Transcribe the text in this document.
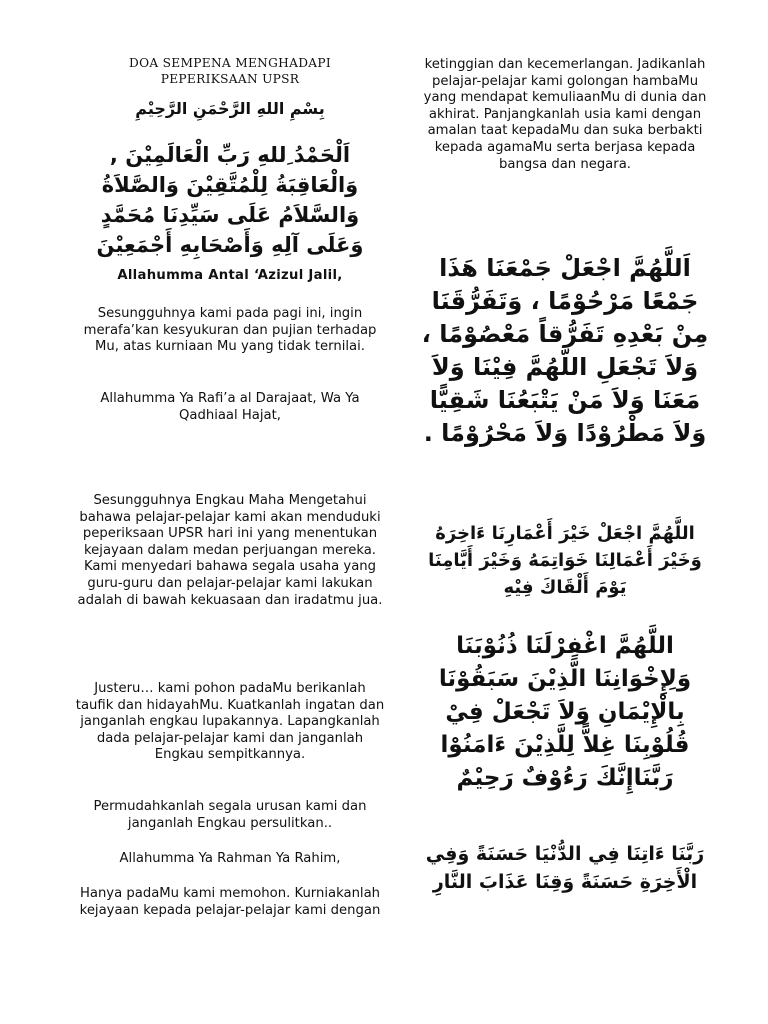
DOA SEMPENA MENGHADAPI
PEPERIKSAAN UPSR
بِسْمِ اللهِ الرَّحْمَنِ الرَّحِيْمِ
اَلْحَمْدُ ِللهِ رَبِّ الْعَالَمِيْنَ , وَالْعَاقِبَةُ لِلْمُتَّقِيْنَ وَالصَّلاَةُ وَالسَّلاَمُ عَلَى سَيِّدِنَا مُحَمَّدٍ وَعَلَى آلِهِ وَأَصْحَابِهِ أَجْمَعِيْنَ

Allahumma Antal ‘Azizul Jalil,

Sesungguhnya kami pada pagi ini, ingin merafa’kan kesyukuran dan pujian terhadap Mu, atas kurniaan Mu yang tidak ternilai.

Allahumma Ya Rafi’a al Darajaat, Wa Ya Qadhiaal Hajat,

Sesungguhnya Engkau Maha Mengetahui bahawa pelajar-pelajar kami akan menduduki peperiksaan UPSR hari ini yang menentukan kejayaan dalam medan perjuangan mereka. Kami menyedari bahawa segala usaha yang guru-guru dan pelajar-pelajar kami lakukan adalah di bawah kekuasaan dan iradatmu jua.

Justeru… kami pohon padaMu berikanlah taufik dan hidayahMu. Kuatkanlah ingatan dan janganlah engkau lupakannya. Lapangkanlah dada pelajar-pelajar kami dan janganlah Engkau sempitkannya.

Permudahkanlah segala urusan kami dan janganlah Engkau persulitkan..

Allahumma Ya Rahman Ya Rahim,

Hanya padaMu kami memohon. Kurniakanlah kejayaan kepada pelajar-pelajar kami dengan

ketinggian dan kecemerlangan. Jadikanlah pelajar-pelajar kami golongan hambaMu yang mendapat kemuliaanMu di dunia dan akhirat. Panjangkanlah usia kami dengan amalan taat kepadaMu dan suka berbakti kepada agamaMu serta berjasa kepada bangsa dan negara.

اَللَّهُمَّ اجْعَلْ جَمْعَنَا هَذَا جَمْعًا مَرْحُوْمًا ، وَتَفَرُّقَنَا مِنْ بَعْدِهِ تَفَرُّقاً مَعْصُوْمًا ، وَلاَ تَجْعَلِ اللَّهُمَّ فِيْنَا وَلاَ مَعَنَا وَلاَ مَنْ يَتْبَعُنَا شَقِيًّا وَلاَ مَطْرُوْدًا وَلاَ مَحْرُوْمًا .

اللَّهُمَّ اجْعَلْ خَيْرَ أَعْمَارِنَا ءَاخِرَهُ وَخَيْرَ أَعْمَالِنَا خَوَاتِمَهُ وَخَيْرَ أَيَّامِنَا يَوْمَ أَلْقَاكَ فِيْهِ

اللَّهُمَّ اغْفِرْلَنَا ذُنُوْبَنَا وَلِإِخْوَانِنَا الَّذِيْنَ سَبَقُوْنَا بِالْإِيْمَانِ وَلاَ تَجْعَلْ فِيْ قُلُوْبِنَا غِلاًّ لِلَّذِيْنَ ءَامَنُوْا رَبَّنَاإِنَّكَ رَءُوْفٌ رَحِيْمٌ

رَبَّنَا ءَاتِنَا فِي الدُّنْيَا حَسَنَةً وَفِي الْأَخِرَةِ حَسَنَةً وَقِنَا عَذَابَ النَّارِ
